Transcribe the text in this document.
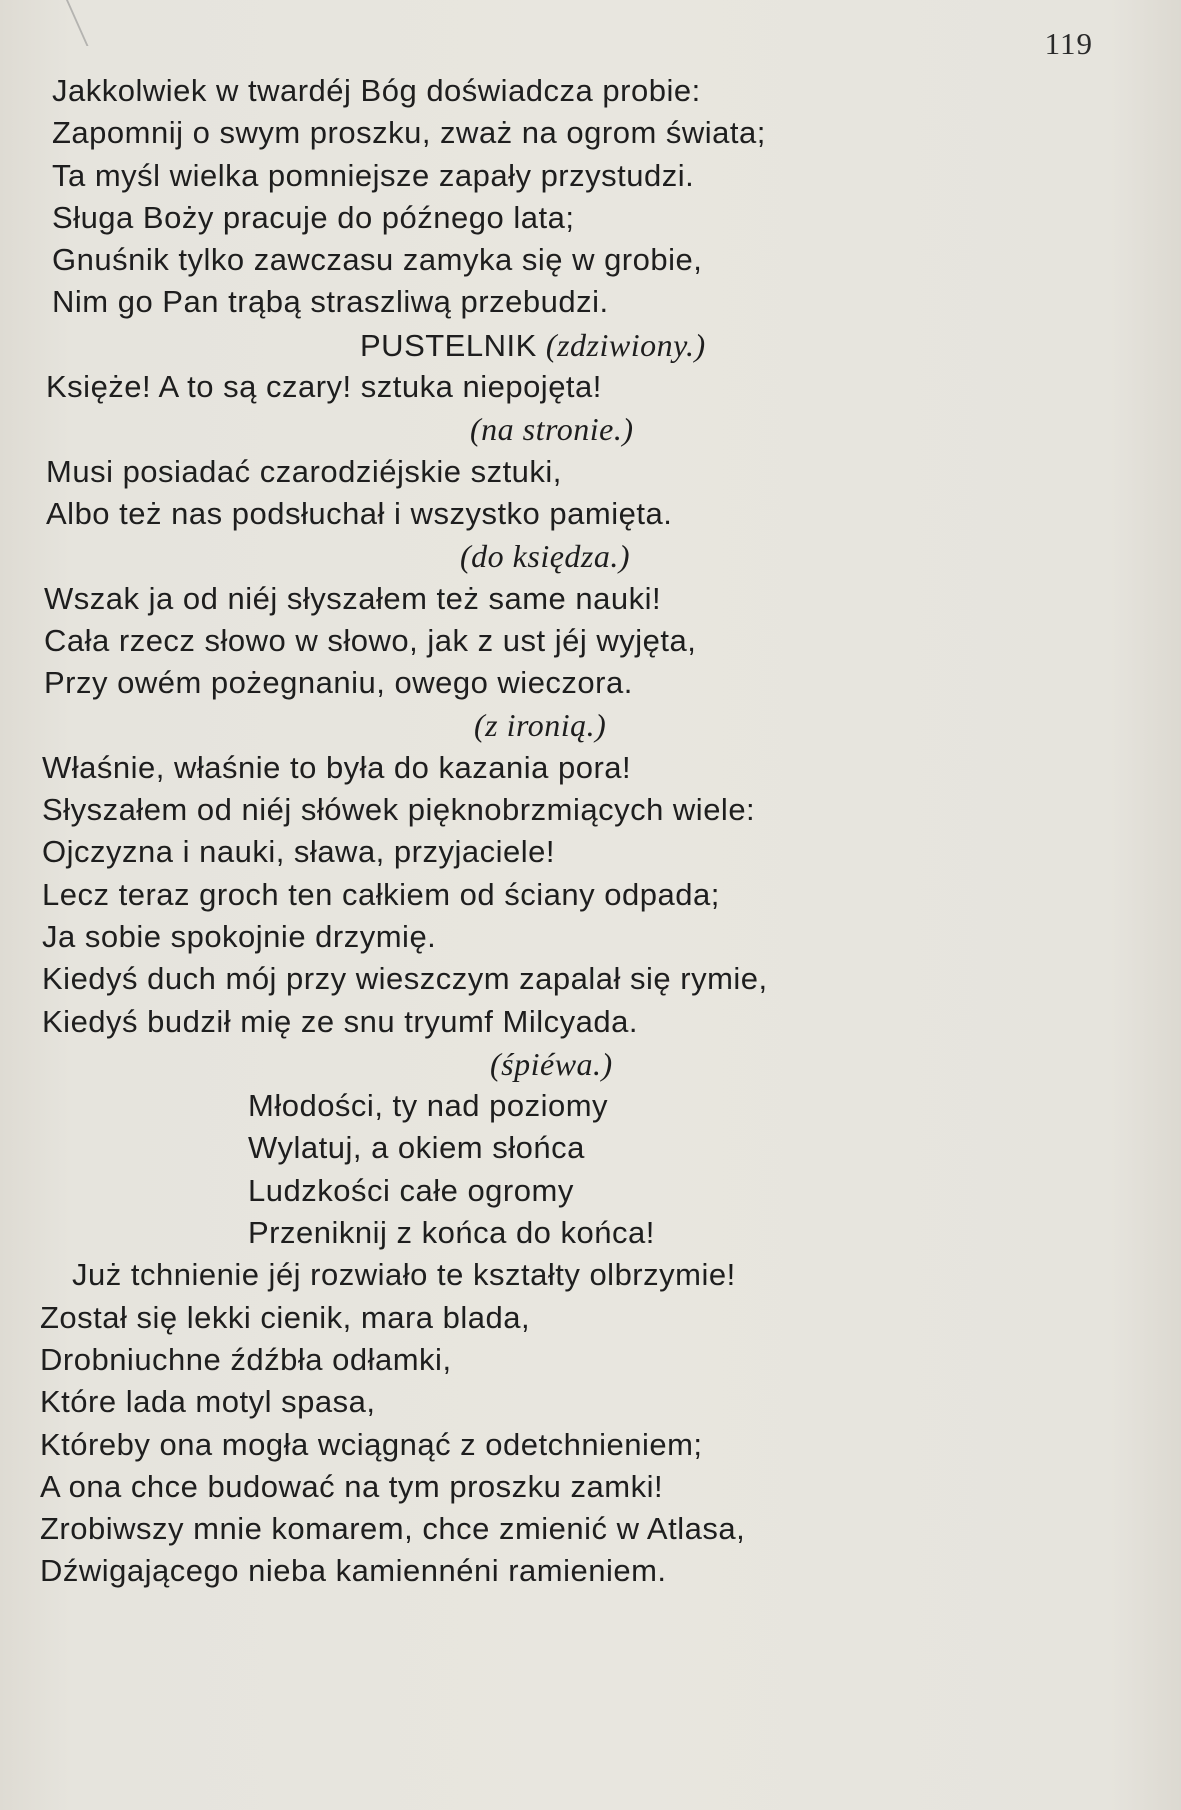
119
Jakkolwiek w twardéj Bóg doświadcza probie:
Zapomnij o swym proszku, zważ na ogrom świata;
Ta myśl wielka pomniejsze zapały przystudzi.
Sługa Boży pracuje do późnego lata;
Gnuśnik tylko zawczasu zamyka się w grobie,
Nim go Pan trąbą straszliwą przebudzi.
PUSTELNIK (zdziwiony.)
Księże! A to są czary! sztuka niepojęta!
(na stronie.)
Musi posiadać czarodziéjskie sztuki,
Albo też nas podsłuchał i wszystko pamięta.
(do księdza.)
Wszak ja od niéj słyszałem też same nauki!
Cała rzecz słowo w słowo, jak z ust jéj wyjęta,
Przy owém pożegnaniu, owego wieczora.
(z ironią.)
Właśnie, właśnie to była do kazania pora!
Słyszałem od niéj słówek pięknobrzmiących wiele:
Ojczyzna i nauki, sława, przyjaciele!
Lecz teraz groch ten całkiem od ściany odpada;
Ja sobie spokojnie drzymię.
Kiedyś duch mój przy wieszczym zapalał się rymie,
Kiedyś budził mię ze snu tryumf Milcyada.
(śpiéwa.)
Młodości, ty nad poziomy
Wylatuj, a okiem słońca
Ludzkości całe ogromy
Przeniknij z końca do końca!
Już tchnienie jéj rozwiało te kształty olbrzymie!
Został się lekki cienik, mara blada,
Drobniuchne źdźbła odłamki,
Które lada motyl spasa,
Któreby ona mogła wciągnąć z odetchnieniem;
A ona chce budować na tym proszku zamki!
Zrobiwszy mnie komarem, chce zmienić w Atlasa,
Dźwigającego nieba kamiennéni ramieniem.
